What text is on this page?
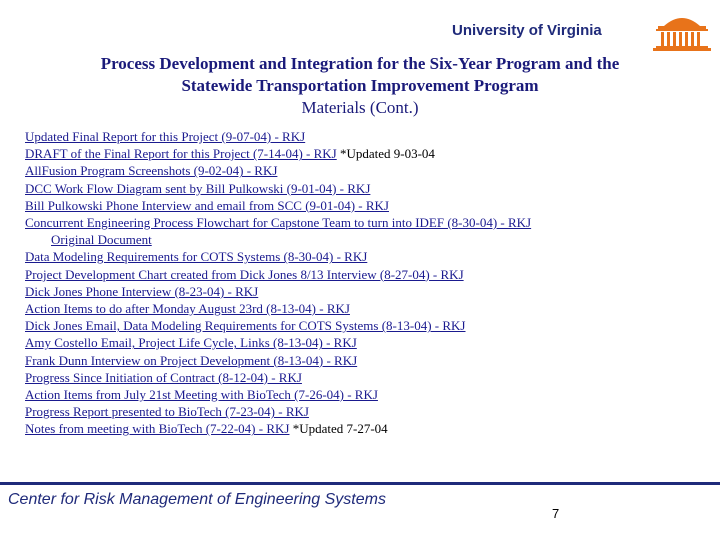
University of Virginia
Process Development and Integration for the Six-Year Program and the
Statewide Transportation Improvement Program
Materials (Cont.)
Updated Final Report for this Project (9-07-04) - RKJ
DRAFT of the Final Report for this Project (7-14-04) - RKJ *Updated 9-03-04
AllFusion Program Screenshots (9-02-04) - RKJ
DCC Work Flow Diagram sent by Bill Pulkowski (9-01-04) - RKJ
Bill Pulkowski Phone Interview and email from SCC (9-01-04) - RKJ
Concurrent Engineering Process Flowchart for Capstone Team to turn into IDEF (8-30-04) - RKJ
Original Document
Data Modeling Requirements for COTS Systems (8-30-04) - RKJ
Project Development Chart created from Dick Jones 8/13 Interview (8-27-04) - RKJ
Dick Jones Phone Interview (8-23-04) - RKJ
Action Items to do after Monday August 23rd (8-13-04) - RKJ
Dick Jones Email, Data Modeling Requirements for COTS Systems (8-13-04) - RKJ
Amy Costello Email, Project Life Cycle, Links (8-13-04) - RKJ
Frank Dunn Interview on Project Development (8-13-04) - RKJ
Progress Since Initiation of Contract (8-12-04) - RKJ
Action Items from July 21st Meeting with BioTech (7-26-04) - RKJ
Progress Report presented to BioTech (7-23-04) - RKJ
Notes from meeting with BioTech (7-22-04) - RKJ *Updated 7-27-04
Center for Risk Management of Engineering Systems
7
